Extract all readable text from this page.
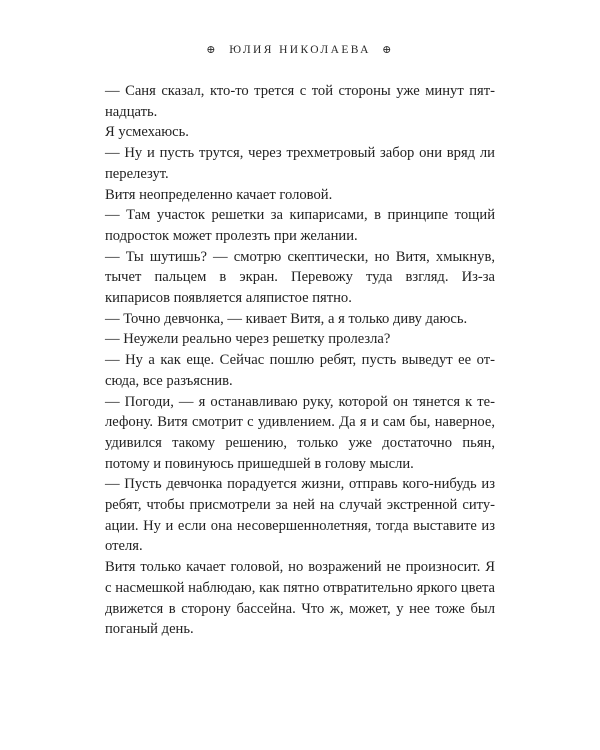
⊕ ЮЛИЯ НИКОЛАЕВА ⊕

— Саня сказал, кто-то трется с той стороны уже минут пятнадцать.

Я усмехаюсь.

— Ну и пусть трутся, через трехметровый забор они вряд ли перелезут.

Витя неопределенно качает головой.

— Там участок решетки за кипарисами, в принципе тощий подросток может пролезть при желании.

— Ты шутишь? — смотрю скептически, но Витя, хмыкнув, тычет пальцем в экран. Перевожу туда взгляд. Из-за кипарисов появляется аляпистое пятно.

— Точно девчонка, — кивает Витя, а я только диву даюсь.

— Неужели реально через решетку пролезла?

— Ну а как еще. Сейчас пошлю ребят, пусть выведут ее отсюда, все разъяснив.

— Погоди, — я останавливаю руку, которой он тянется к телефону. Витя смотрит с удивлением. Да я и сам бы, наверное, удивился такому решению, только уже достаточно пьян, потому и повинуюсь пришедшей в голову мысли.

— Пусть девчонка порадуется жизни, отправь кого-нибудь из ребят, чтобы присмотрели за ней на случай экстренной ситуации. Ну и если она несовершеннолетняя, тогда выставите из отеля.

Витя только качает головой, но возражений не произносит. Я с насмешкой наблюдаю, как пятно отвратительно яркого цвета движется в сторону бассейна. Что ж, может, у нее тоже был поганый день.
